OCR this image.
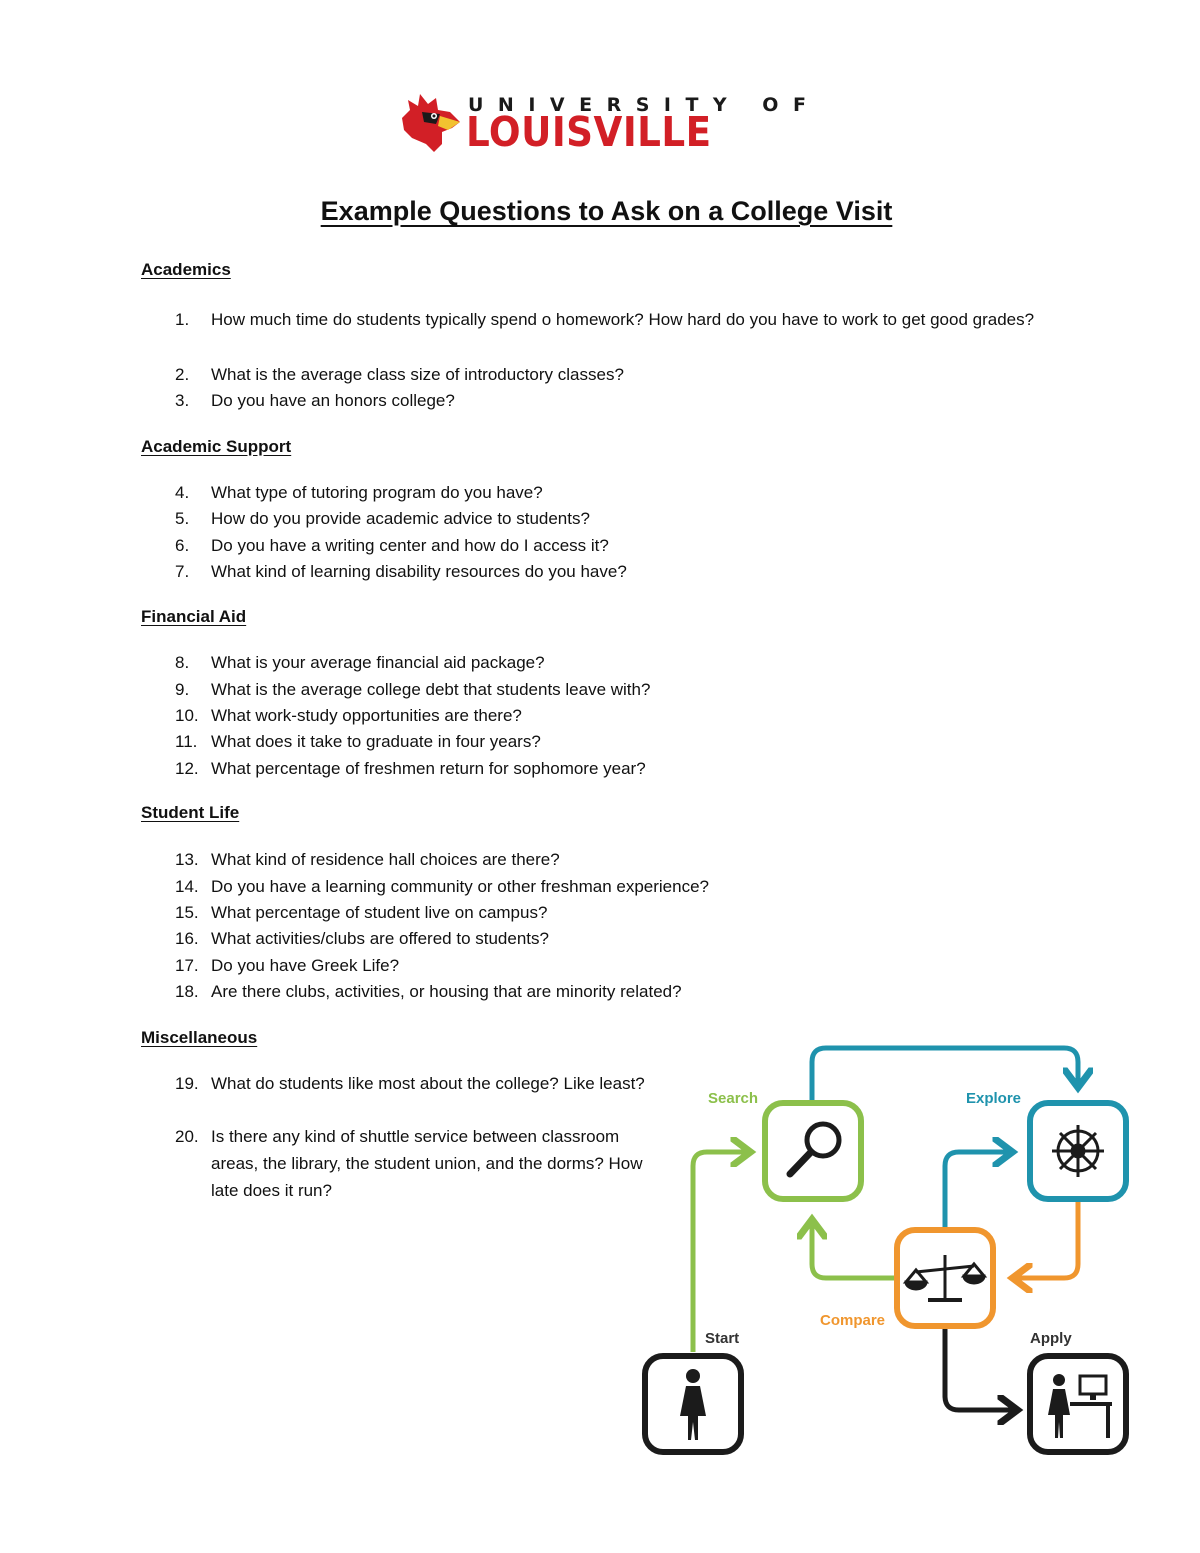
UNIVERSITY OF
LOUISVILLE
Example Questions to Ask on a College Visit
Academics
Academic Support
Financial Aid
Student Life
Miscellaneous
1. How much time do students typically spend o homework? How hard do you have to work to get good grades?
2. What is the average class size of introductory classes?
3. Do you have an honors college?
4. What type of tutoring program do you have?
5. How do you provide academic advice to students?
6. Do you have a writing center and how do I access it?
7. What kind of learning disability resources do you have?
8. What is your average financial aid package?
9. What is the average college debt that students leave with?
10. What work-study opportunities are there?
11. What does it take to graduate in four years?
12. What percentage of freshmen return for sophomore year?
13. What kind of residence hall choices are there?
14. Do you have a learning community or other freshman experience?
15. What percentage of student live on campus?
16. What activities/clubs are offered to students?
17. Do you have Greek Life?
18. Are there clubs, activities, or housing that are minority related?
19. What do students like most about the college? Like least?
20. Is there any kind of shuttle service between classroom areas, the library, the student union, and the dorms? How late does it run?
Search	Explore
Compare
Start	Apply
